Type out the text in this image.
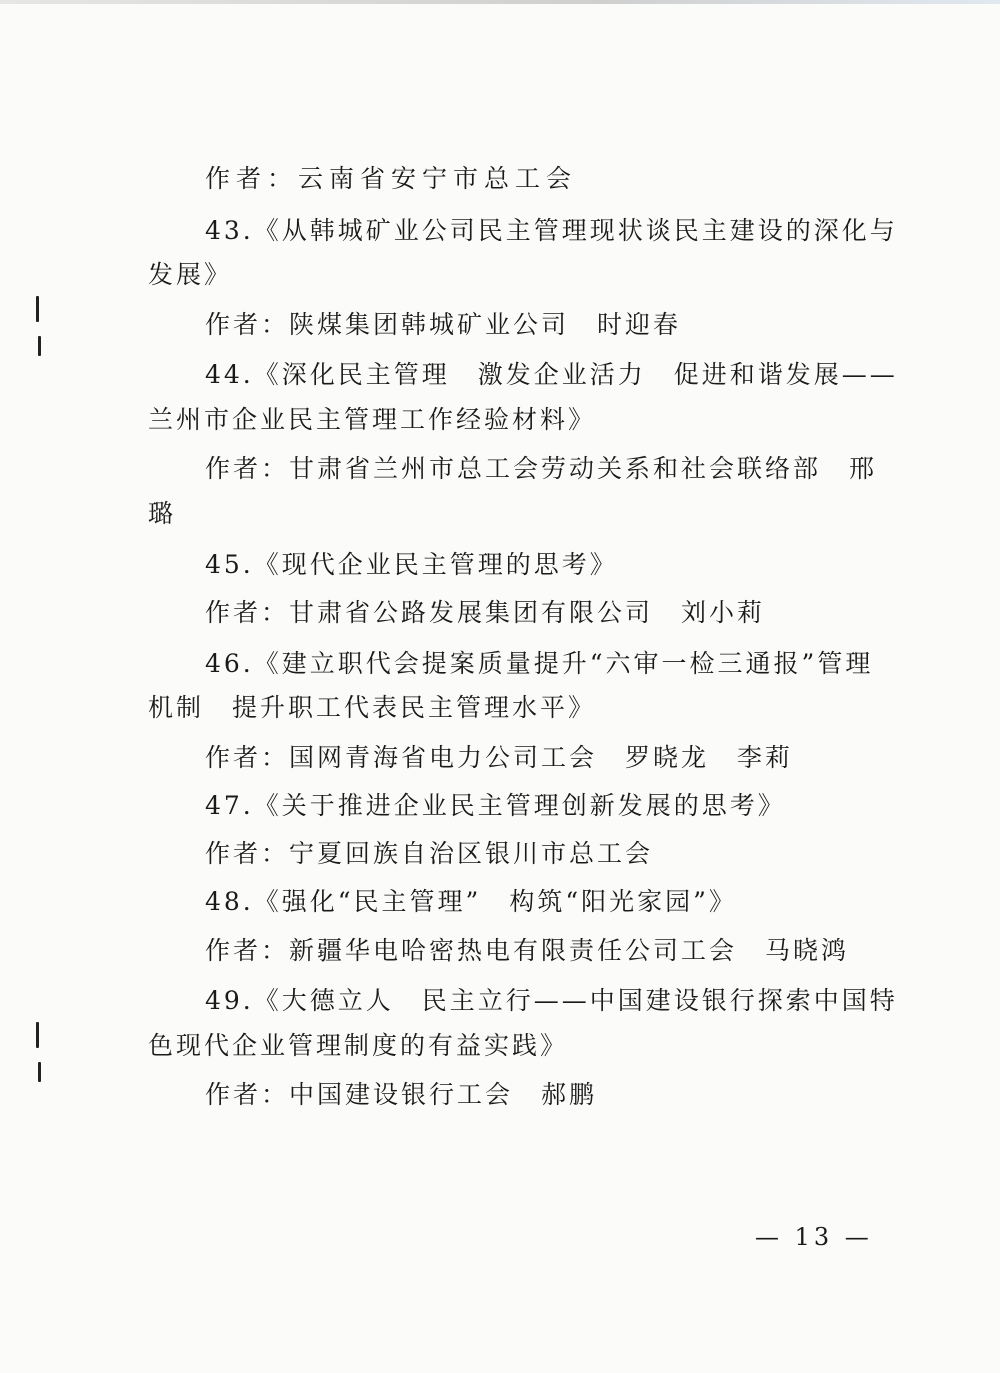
作者：云南省安宁市总工会
43.《从韩城矿业公司民主管理现状谈民主建设的深化与
发展》
作者：陕煤集团韩城矿业公司　时迎春
44.《深化民主管理　激发企业活力　促进和谐发展——
兰州市企业民主管理工作经验材料》
作者：甘肃省兰州市总工会劳动关系和社会联络部　邢
璐
45.《现代企业民主管理的思考》
作者：甘肃省公路发展集团有限公司　刘小莉
46.《建立职代会提案质量提升“六审一检三通报”管理
机制　提升职工代表民主管理水平》
作者：国网青海省电力公司工会　罗晓龙　李莉
47.《关于推进企业民主管理创新发展的思考》
作者：宁夏回族自治区银川市总工会
48.《强化“民主管理”　构筑“阳光家园”》
作者：新疆华电哈密热电有限责任公司工会　马晓鸿
49.《大德立人　民主立行——中国建设银行探索中国特
色现代企业管理制度的有益实践》
作者：中国建设银行工会　郝鹏
— 13 —
